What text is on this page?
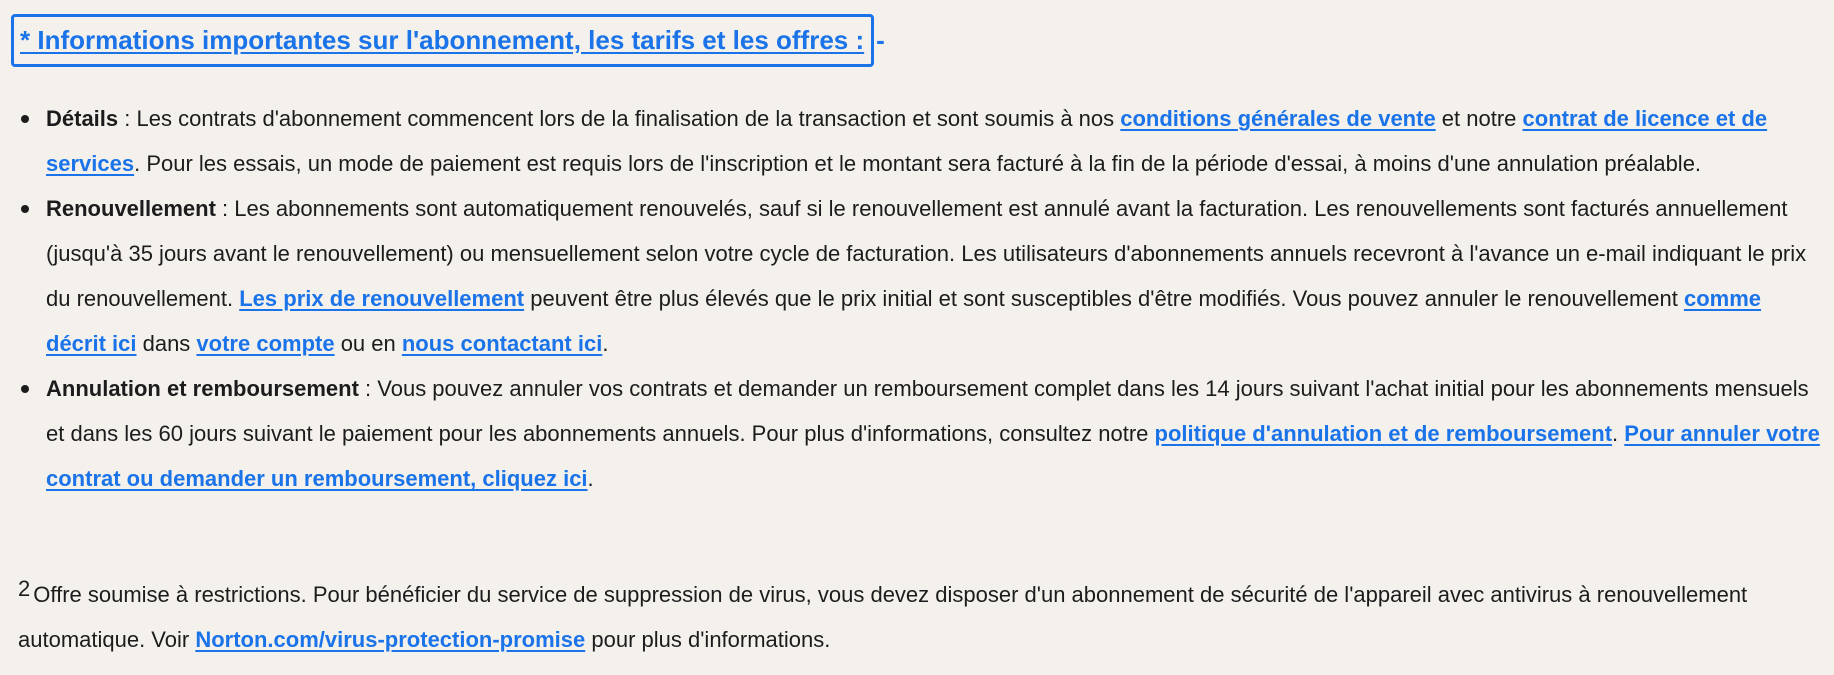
* Informations importantes sur l'abonnement, les tarifs et les offres : -
Détails : Les contrats d'abonnement commencent lors de la finalisation de la transaction et sont soumis à nos conditions générales de vente et notre contrat de licence et de services. Pour les essais, un mode de paiement est requis lors de l'inscription et le montant sera facturé à la fin de la période d'essai, à moins d'une annulation préalable.
Renouvellement : Les abonnements sont automatiquement renouvelés, sauf si le renouvellement est annulé avant la facturation. Les renouvellements sont facturés annuellement (jusqu'à 35 jours avant le renouvellement) ou mensuellement selon votre cycle de facturation. Les utilisateurs d'abonnements annuels recevront à l'avance un e-mail indiquant le prix du renouvellement. Les prix de renouvellement peuvent être plus élevés que le prix initial et sont susceptibles d'être modifiés. Vous pouvez annuler le renouvellement comme décrit ici dans votre compte ou en nous contactant ici.
Annulation et remboursement : Vous pouvez annuler vos contrats et demander un remboursement complet dans les 14 jours suivant l'achat initial pour les abonnements mensuels et dans les 60 jours suivant le paiement pour les abonnements annuels. Pour plus d'informations, consultez notre politique d'annulation et de remboursement. Pour annuler votre contrat ou demander un remboursement, cliquez ici.

$^2$ Offre soumise à restrictions. Pour bénéficier du service de suppression de virus, vous devez disposer d'un abonnement de sécurité de l'appareil avec antivirus à renouvellement automatique. Voir Norton.com/virus-protection-promise pour plus d'informations.
